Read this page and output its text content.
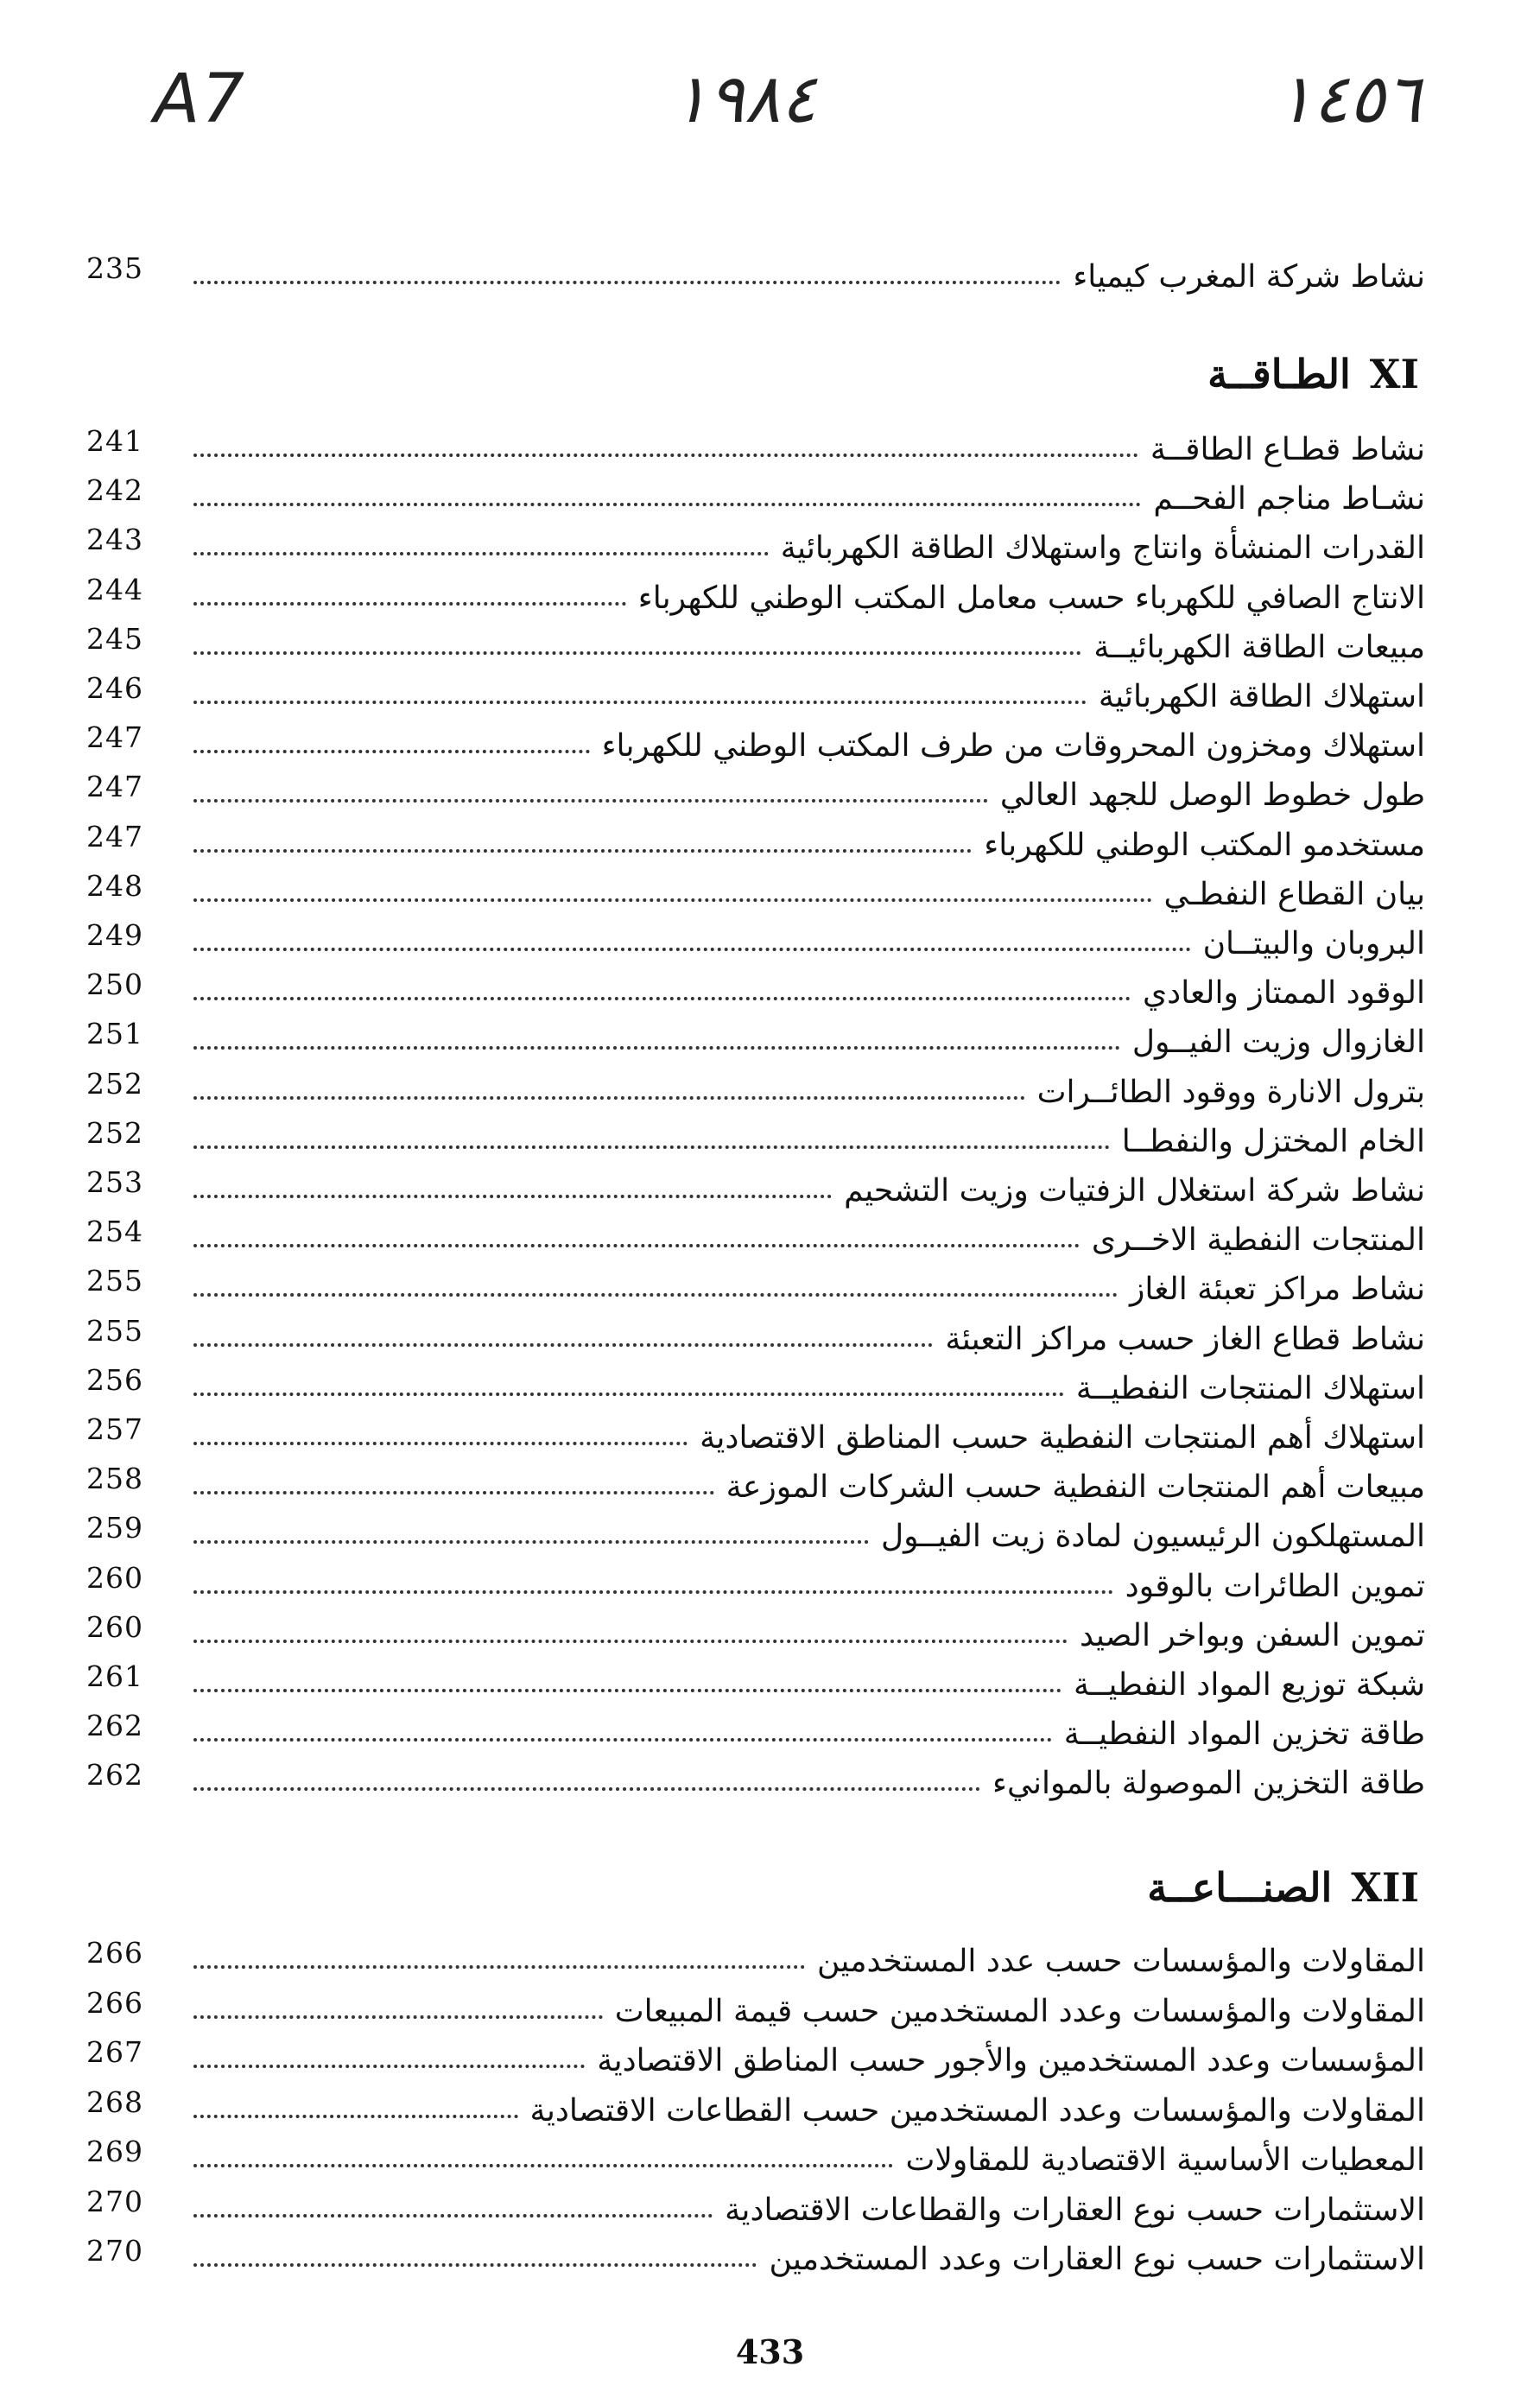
A7	١٩٨٤	١٤٥٦
235	نشاط شركة المغرب كيمياء
الطـاقــة XI
241	نشاط قطـاع الطاقــة
242	نشـاط مناجم الفحــم
243	القدرات المنشأة وانتاج واستهلاك الطاقة الكهربائية
244	الانتاج الصافي للكهرباء حسب معامل المكتب الوطني للكهرباء
245	مبيعات الطاقة الكهربائيــة
246	استهلاك الطاقة الكهربائية
247	استهلاك ومخزون المحروقات من طرف المكتب الوطني للكهرباء
247	طول خطوط الوصل للجهد العالي
247	مستخدمو المكتب الوطني للكهرباء
248	بيان القطاع النفطـي
249	البروبان والبيتــان
250	الوقود الممتاز والعادي
251	الغازوال وزيت الفيــول
252	بترول الانارة ووقود الطائــرات
252	الخام المختزل والنفطــا
253	نشاط شركة استغلال الزفتيات وزيت التشحيم
254	المنتجات النفطية الاخــرى
255	نشاط مراكز تعبئة الغاز
255	نشاط قطاع الغاز حسب مراكز التعبئة
256	استهلاك المنتجات النفطيــة
257	استهلاك أهم المنتجات النفطية حسب المناطق الاقتصادية
258	مبيعات أهم المنتجات النفطية حسب الشركات الموزعة
259	المستهلكون الرئيسيون لمادة زيت الفيــول
260	تموين الطائرات بالوقود
260	تموين السفن وبواخر الصيد
261	شبكة توزيع المواد النفطيــة
262	طاقة تخزين المواد النفطيــة
262	طاقة التخزين الموصولة بالموانيء
الصنـــاعــة XII
266	المقاولات والمؤسسات حسب عدد المستخدمين
266	المقاولات والمؤسسات وعدد المستخدمين حسب قيمة المبيعات
267	المؤسسات وعدد المستخدمين والأجور حسب المناطق الاقتصادية
268	المقاولات والمؤسسات وعدد المستخدمين حسب القطاعات الاقتصادية
269	المعطيات الأساسية الاقتصادية للمقاولات
270	الاستثمارات حسب نوع العقارات والقطاعات الاقتصادية
270	الاستثمارات حسب نوع العقارات وعدد المستخدمين
433
